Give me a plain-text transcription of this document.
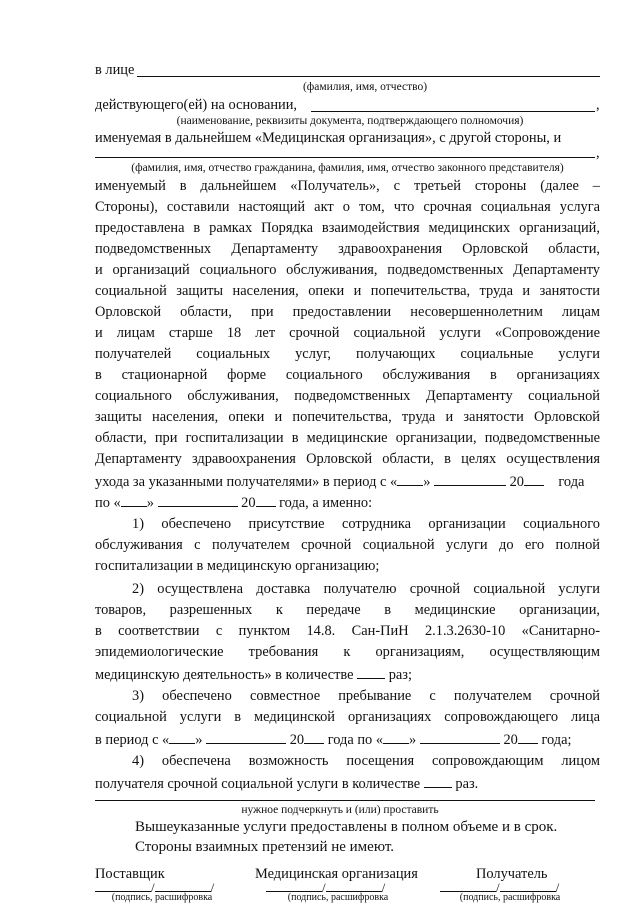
в лице
(фамилия, имя, отчество)
действующего(ей) на основании,	,
(наименование, реквизиты документа, подтверждающего полномочия)
именуемая в дальнейшем «Медицинская организация», с другой стороны, и
,
(фамилия, имя, отчество гражданина, фамилия, имя, отчество законного представителя)
именуемый в дальнейшем «Получатель», с третьей стороны (далее –
Стороны), составили настоящий акт о том, что срочная социальная услуга
предоставлена в рамках Порядка взаимодействия медицинских организаций,
подведомственных Департаменту здравоохранения Орловской области,
и организаций социального обслуживания, подведомственных Департаменту
социальной защиты населения, опеки и попечительства, труда и занятости
Орловской области, при предоставлении несовершеннолетним лицам
и лицам старше 18 лет срочной социальной услуги «Сопровождение
получателей социальных услуг, получающих социальные услуги
в стационарной форме социального обслуживания в организациях
социального обслуживания, подведомственных Департаменту социальной
защиты населения, опеки и попечительства, труда и занятости Орловской
области, при госпитализации в медицинские организации, подведомственные
Департаменту здравоохранения Орловской области, в целях осуществления
ухода за указанными получателями» в период с « »	20 года
по « »	20 года, а именно:
1) обеспечено присутствие сотрудника организации социального
обслуживания с получателем срочной социальной услуги до его полной
госпитализации в медицинскую организацию;
2) осуществлена доставка получателю срочной социальной услуги
товаров, разрешенных к передаче в медицинские организации,
в соответствии с пунктом 14.8. Сан-ПиН 2.1.3.2630-10 «Санитарно-
эпидемиологические требования к организациям, осуществляющим
медицинскую деятельность» в количестве раз;
3) обеспечено совместное пребывание с получателем срочной
социальной услуги в медицинской организациях сопровождающего лица
в период с « »	20 года по « »	20 года;
4) обеспечена возможность посещения сопровождающим лицом
получателя срочной социальной услуги в количестве раз.
нужное подчеркнуть и (или) проставить
Вышеуказанные услуги предоставлены в полном объеме и в срок.
Стороны взаимных претензий не имеют.
Поставщик	Медицинская организация	Получатель
/	/	/	/	/	/
(подпись, расшифровка	(подпись, расшифровка	(подпись, расшифровка
